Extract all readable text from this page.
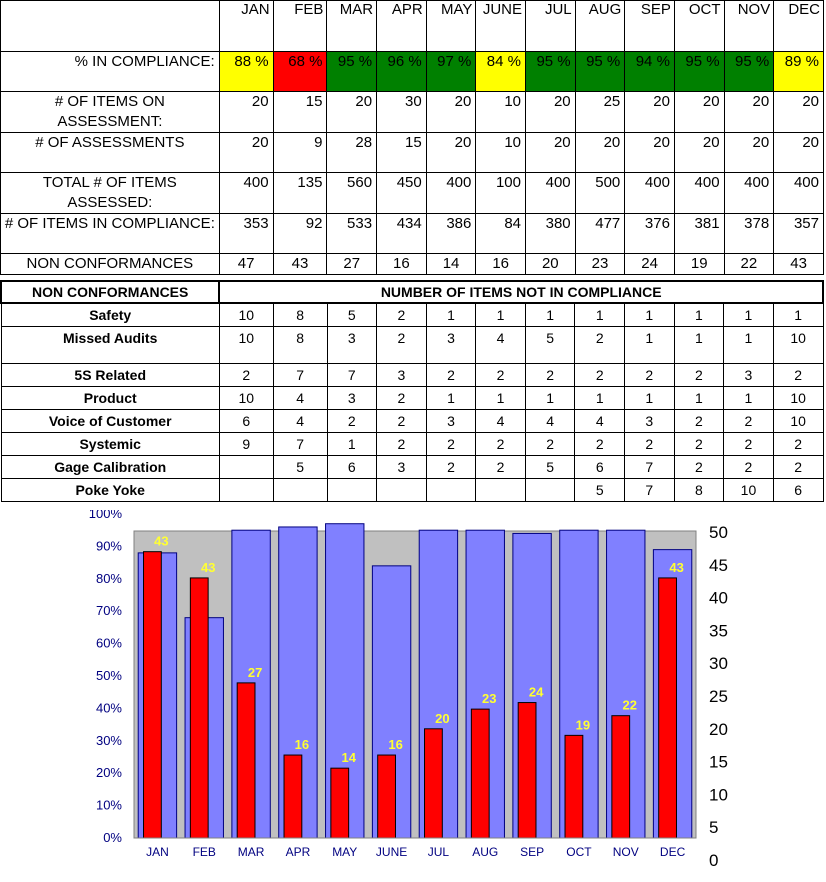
	JAN	FEB	MAR	APR	MAY	JUNE	JUL	AUG	SEP	OCT	NOV	DEC
% IN COMPLIANCE:	88 %	68 %	95 %	96 %	97 %	84 %	95 %	95 %	94 %	95 %	95 %	89 %
# OF ITEMS ON ASSESSMENT:	20	15	20	30	20	10	20	25	20	20	20	20
# OF ASSESSMENTS	20	9	28	15	20	10	20	20	20	20	20	20
TOTAL # OF ITEMS ASSESSED:	400	135	560	450	400	100	400	500	400	400	400	400
# OF ITEMS IN COMPLIANCE:	353	92	533	434	386	84	380	477	376	381	378	357
NON CONFORMANCES	47	43	27	16	14	16	20	23	24	19	22	43
NON CONFORMANCES	NUMBER OF ITEMS NOT IN COMPLIANCE											
Safety	10	8	5	2	1	1	1	1	1	1	1	1
Missed Audits	10	8	3	2	3	4	5	2	1	1	1	10
5S Related	2	7	7	3	2	2	2	2	2	2	3	2
Product	10	4	3	2	1	1	1	1	1	1	1	10
Voice of Customer	6	4	2	2	3	4	4	4	3	2	2	10
Systemic	9	7	1	2	2	2	2	2	2	2	2	2
Gage Calibration		5	6	3	2	2	5	6	7	2	2	2
Poke Yoke								5	7	8	10	6
43
JAN
43
FEB
27
MAR
16
APR
14
MAY
16
JUNE
20
JUL
23
AUG
24
SEP
19
OCT
22
NOV
43
DEC
0%
10%
20%
30%
40%
50%
60%
70%
80%
90%
100%
0
5
10
15
20
25
30
35
40
45
50
